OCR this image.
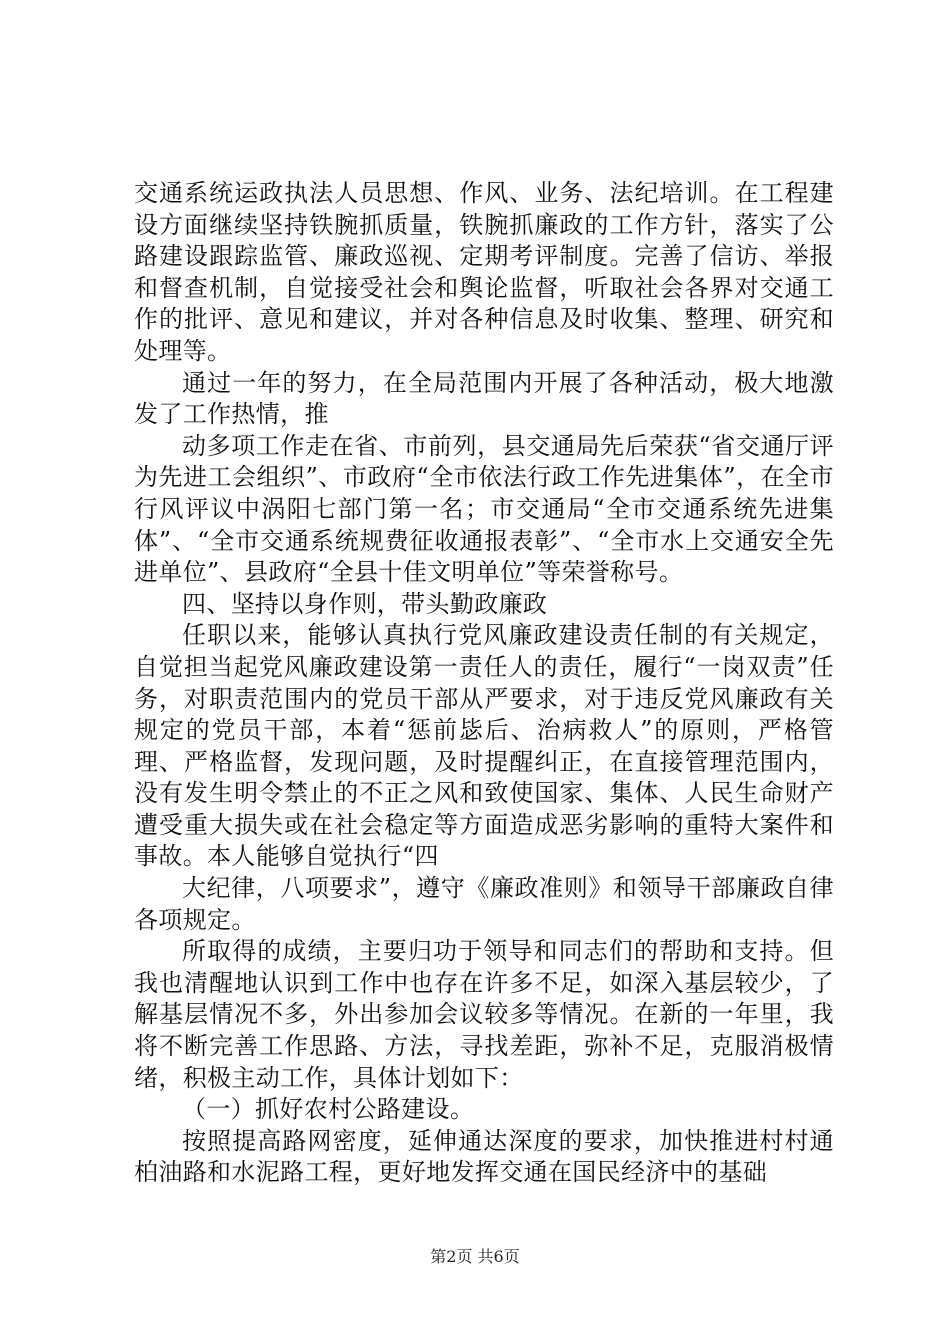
交通系统运政执法人员思想、作风、业务、法纪培训。在工程建设方面继续坚持铁腕抓质量，铁腕抓廉政的工作方针，落实了公路建设跟踪监管、廉政巡视、定期考评制度。完善了信访、举报和督查机制，自觉接受社会和舆论监督，听取社会各界对交通工作的批评、意见和建议，并对各种信息及时收集、整理、研究和处理等。

通过一年的努力，在全局范围内开展了各种活动，极大地激发了工作热情，推

动多项工作走在省、市前列，县交通局先后荣获“省交通厅评为先进工会组织”、市政府“全市依法行政工作先进集体”，在全市行风评议中涡阳七部门第一名；市交通局“全市交通系统先进集体”、“全市交通系统规费征收通报表彰”、“全市水上交通安全先进单位”、县政府“全县十佳文明单位”等荣誉称号。

四、坚持以身作则，带头勤政廉政

任职以来，能够认真执行党风廉政建设责任制的有关规定，自觉担当起党风廉政建设第一责任人的责任，履行“一岗双责”任务，对职责范围内的党员干部从严要求，对于违反党风廉政有关规定的党员干部，本着“惩前毖后、治病救人”的原则，严格管理、严格监督，发现问题，及时提醒纠正，在直接管理范围内，没有发生明令禁止的不正之风和致使国家、集体、人民生命财产遭受重大损失或在社会稳定等方面造成恶劣影响的重特大案件和事故。本人能够自觉执行“四

大纪律，八项要求”，遵守《廉政准则》和领导干部廉政自律各项规定。

所取得的成绩，主要归功于领导和同志们的帮助和支持。但我也清醒地认识到工作中也存在许多不足，如深入基层较少，了解基层情况不多，外出参加会议较多等情况。在新的一年里，我将不断完善工作思路、方法，寻找差距，弥补不足，克服消极情绪，积极主动工作，具体计划如下：

（一）抓好农村公路建设。

按照提高路网密度，延伸通达深度的要求，加快推进村村通柏油路和水泥路工程，更好地发挥交通在国民经济中的基础

第2页 共6页
